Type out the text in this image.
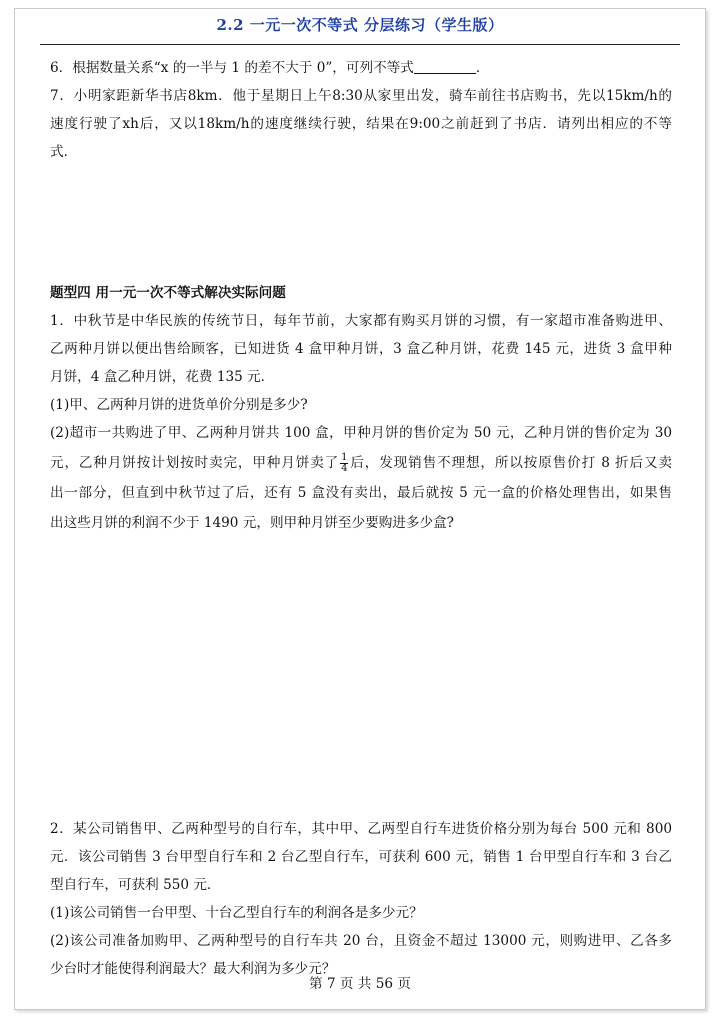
2.2 一元一次不等式 分层练习（学生版）
6．根据数量关系“x 的一半与 1 的差不大于 0”，可列不等式	．
7．小明家距新华书店8km．他于星期日上午8:30从家里出发，骑车前往书店购书，先以15km/h的
速度行驶了xh后，又以18km/h的速度继续行驶，结果在9:00之前赶到了书店．请列出相应的不等
式．
题型四 用一元一次不等式解决实际问题
1．中秋节是中华民族的传统节日，每年节前，大家都有购买月饼的习惯，有一家超市准备购进甲、
乙两种月饼以便出售给顾客，已知进货 4 盒甲种月饼，3 盒乙种月饼，花费 145 元，进货 3 盒甲种
月饼，4 盒乙种月饼，花费 135 元．
(1)甲、乙两种月饼的进货单价分别是多少?
(2)超市一共购进了甲、乙两种月饼共 100 盒，甲种月饼的售价定为 50 元，乙种月饼的售价定为 30
元，乙种月饼按计划按时卖完，甲种月饼卖了 $\frac{1}{4}$ 后，发现销售不理想，所以按原售价打 8 折后又卖
出一部分，但直到中秋节过了后，还有 5 盒没有卖出，最后就按 5 元一盒的价格处理售出，如果售
出这些月饼的利润不少于 1490 元，则甲种月饼至少要购进多少盒?
2．某公司销售甲、乙两种型号的自行车，其中甲、乙两型自行车进货价格分别为每台 500 元和 800
元．该公司销售 3 台甲型自行车和 2 台乙型自行车，可获利 600 元，销售 1 台甲型自行车和 3 台乙
型自行车，可获利 550 元．
(1)该公司销售一台甲型、十台乙型自行车的利润各是多少元？
(2)该公司准备加购甲、乙两种型号的自行车共 20 台，且资金不超过 13000 元，则购进甲、乙各多
少台时才能使得利润最大？最大利润为多少元？
第 7 页 共 56 页
